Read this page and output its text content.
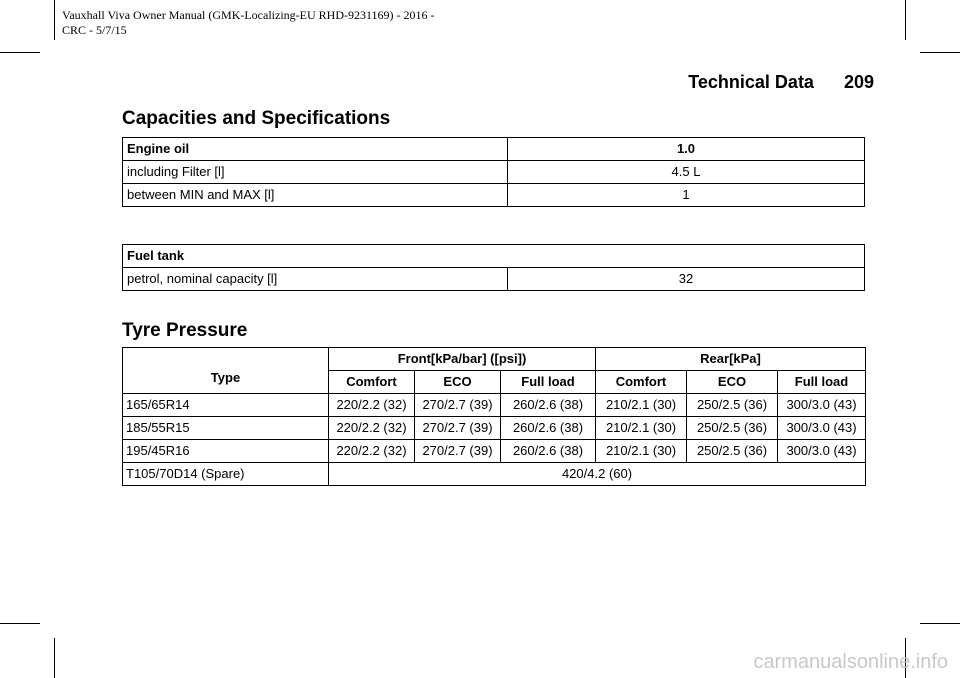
Vauxhall Viva Owner Manual (GMK-Localizing-EU RHD-9231169) - 2016 -
CRC - 5/7/15
Technical Data 209
Capacities and Specifications
Engine oil	1.0
including Filter [l]	4.5 L
between MIN and MAX [l]	1
Fuel tank
petrol, nominal capacity [l]	32
Tyre Pressure
Type	Front[kPa/bar] ([psi])			Rear[kPa]		
	Comfort	ECO	Full load	Comfort	ECO	Full load
165/65R14	220/2.2 (32)	270/2.7 (39)	260/2.6 (38)	210/2.1 (30)	250/2.5 (36)	300/3.0 (43)
185/55R15	220/2.2 (32)	270/2.7 (39)	260/2.6 (38)	210/2.1 (30)	250/2.5 (36)	300/3.0 (43)
195/45R16	220/2.2 (32)	270/2.7 (39)	260/2.6 (38)	210/2.1 (30)	250/2.5 (36)	300/3.0 (43)
T105/70D14 (Spare)	420/4.2 (60)					
carmanualsonline.info
